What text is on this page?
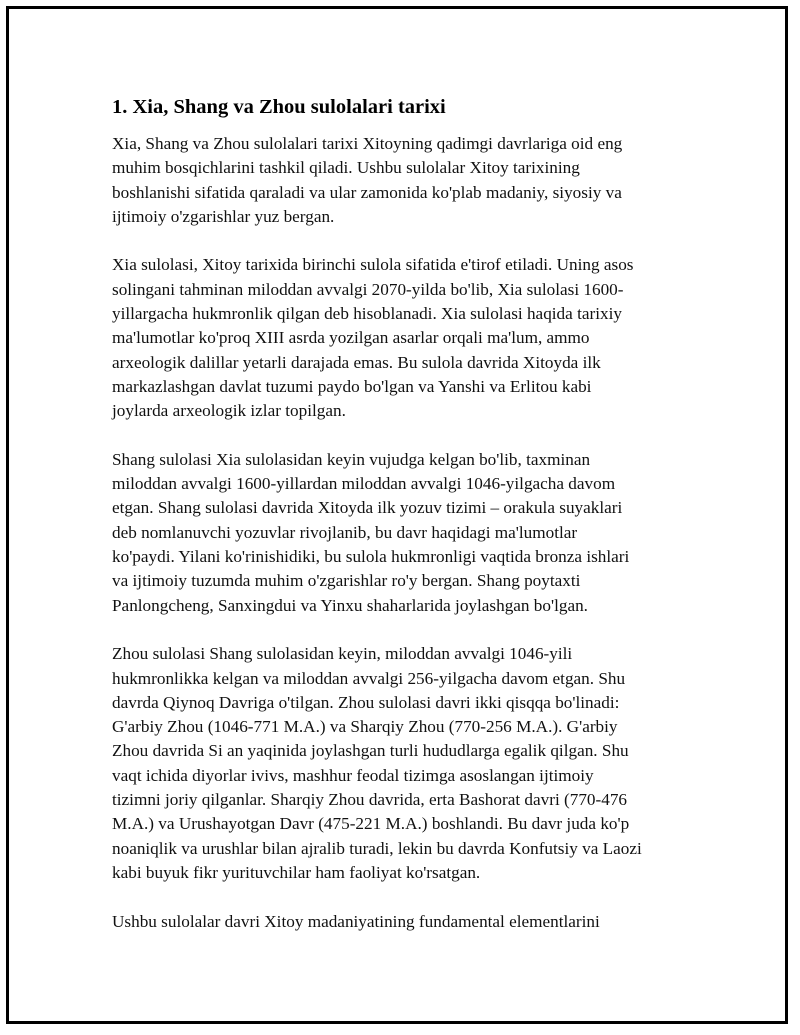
1. Xia, Shang va Zhou sulolalari tarixi

Xia, Shang va Zhou sulolalari tarixi Xitoyning qadimgi davrlariga oid eng
muhim bosqichlarini tashkil qiladi. Ushbu sulolalar Xitoy tarixining
boshlanishi sifatida qaraladi va ular zamonida ko'plab madaniy, siyosiy va
ijtimoiy o'zgarishlar yuz bergan.

Xia sulolasi, Xitoy tarixida birinchi sulola sifatida e'tirof etiladi. Uning asos
solingani tahminan miloddan avvalgi 2070-yilda bo'lib, Xia sulolasi 1600-
yillargacha hukmronlik qilgan deb hisoblanadi. Xia sulolasi haqida tarixiy
ma'lumotlar ko'proq XIII asrda yozilgan asarlar orqali ma'lum, ammo
arxeologik dalillar yetarli darajada emas. Bu sulola davrida Xitoyda ilk
markazlashgan davlat tuzumi paydo bo'lgan va Yanshi va Erlitou kabi
joylarda arxeologik izlar topilgan.

Shang sulolasi Xia sulolasidan keyin vujudga kelgan bo'lib, taxminan
miloddan avvalgi 1600-yillardan miloddan avvalgi 1046-yilgacha davom
etgan. Shang sulolasi davrida Xitoyda ilk yozuv tizimi – orakula suyaklari
deb nomlanuvchi yozuvlar rivojlanib, bu davr haqidagi ma'lumotlar
ko'paydi. Yilani ko'rinishidiki, bu sulola hukmronligi vaqtida bronza ishlari
va ijtimoiy tuzumda muhim o'zgarishlar ro'y bergan. Shang poytaxti
Panlongcheng, Sanxingdui va Yinxu shaharlarida joylashgan bo'lgan.

Zhou sulolasi Shang sulolasidan keyin, miloddan avvalgi 1046-yili
hukmronlikka kelgan va miloddan avvalgi 256-yilgacha davom etgan. Shu
davrda Qiynoq Davriga o'tilgan. Zhou sulolasi davri ikki qisqqa bo'linadi:
G'arbiy Zhou (1046-771 M.A.) va Sharqiy Zhou (770-256 M.A.). G'arbiy
Zhou davrida Si an yaqinida joylashgan turli hududlarga egalik qilgan. Shu
vaqt ichida diyorlar ivivs, mashhur feodal tizimga asoslangan ijtimoiy
tizimni joriy qilganlar. Sharqiy Zhou davrida, erta Bashorat davri (770-476
M.A.) va Urushayotgan Davr (475-221 M.A.) boshlandi. Bu davr juda ko'p
noaniqlik va urushlar bilan ajralib turadi, lekin bu davrda Konfutsiy va Laozi
kabi buyuk fikr yurituvchilar ham faoliyat ko'rsatgan.

Ushbu sulolalar davri Xitoy madaniyatining fundamental elementlarini
